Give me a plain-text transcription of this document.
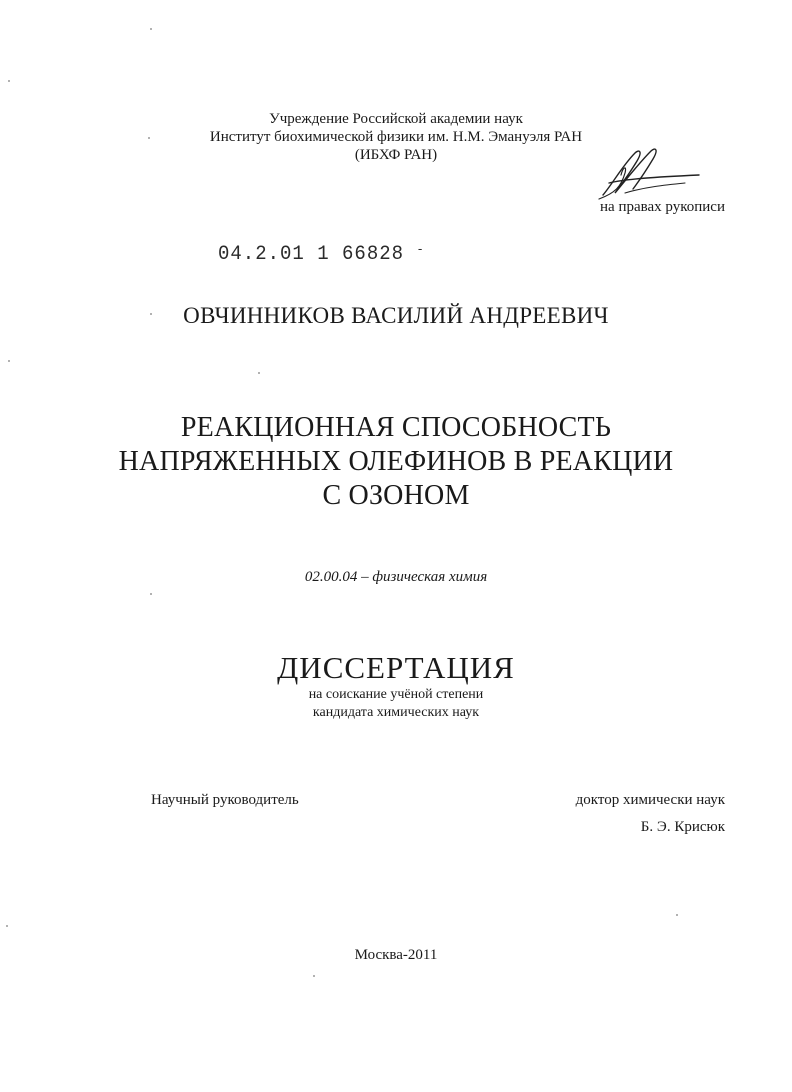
Учреждение Российской академии наук

Институт биохимической физики им. Н.М. Эмануэля РАН

(ИБХФ РАН)

на правах рукописи

04.2.01 1 66828 -

ОВЧИННИКОВ ВАСИЛИЙ АНДРЕЕВИЧ
РЕАКЦИОННАЯ СПОСОБНОСТЬ
НАПРЯЖЕННЫХ ОЛЕФИНОВ В РЕАКЦИИ
С ОЗОНОМ

02.00.04 – физическая химия

ДИССЕРТАЦИЯ

на соискание учёной степени

кандидата химических наук

Научный руководитель	доктор химически наук

Б. Э. Крисюк

Москва-2011
